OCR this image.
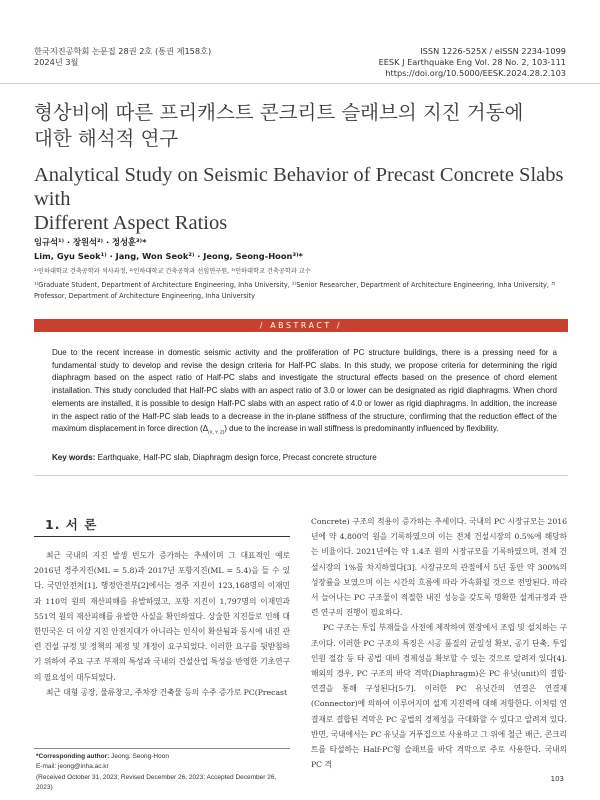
한국지진공학회 논문집 28권 2호 (통권 제158호)
2024년 3월
ISSN 1226-525X / eISSN 2234-1099
EESK J Earthquake Eng Vol. 28 No. 2, 103-111
https://doi.org/10.5000/EESK.2024.28.2.103
형상비에 따른 프리캐스트 콘크리트 슬래브의 지진 거동에
대한 해석적 연구
Analytical Study on Seismic Behavior of Precast Concrete Slabs with
Different Aspect Ratios
임규석¹⁾ · 장원석²⁾ · 정성훈³⁾*
Lim, Gyu Seok¹⁾ · Jang, Won Seok²⁾ · Jeong, Seong-Hoon³⁾*
¹⁾인하대학교 건축공학과 석사과정, ²⁾인하대학교 건축공학과 선임연구원, ³⁾인하대학교 건축공학과 교수
¹⁾Graduate Student, Department of Architecture Engineering, Inha University, ²⁾Senior Researcher, Department of Architecture Engineering, Inha University, ³⁾Professor, Department of Architecture Engineering, Inha University
/ ABSTRACT /
Due to the recent increase in domestic seismic activity and the proliferation of PC structure buildings, there is a pressing need for a fundamental study to develop and revise the design criteria for Half-PC slabs. In this study, we propose criteria for determining the rigid diaphragm based on the aspect ratio of Half-PC slabs and investigate the structural effects based on the presence of chord element installation. This study concluded that Half-PC slabs with an aspect ratio of 3.0 or lower can be designated as rigid diaphragms. When chord elements are installed, it is possible to design Half-PC slabs with an aspect ratio of 4.0 or lower as rigid diaphragms. In addition, the increase in the aspect ratio of the Half-PC slab leads to a decrease in the in-plane stiffness of the structure, confirming that the reduction effect of the maximum displacement in force direction $(\Delta_{(X, Y, Z)})$ due to the increase in wall stiffness is predominantly influenced by flexibility.
Key words: Earthquake, Half-PC slab, Diaphragm design force, Precast concrete structure
1. 서 론

최근 국내의 지진 발생 빈도가 증가하는 추세이며 그 대표적인 예로 2016년 경주지진(ML = 5.8)과 2017년 포항지진(ML = 5.4)을 들 수 있다. 국민안전처[1], 행정안전부[2]에서는 경주 지진이 123,168명의 이재민과 110억 원의 재산피해를 유발하였고, 포항 지진이 1,797명의 이재민과 551억 원의 재산피해를 유발한 사실을 확인하였다. 상술한 지진들로 인해 대한민국은 더 이상 지진 안전지대가 아니라는 인식이 확산됨과 동시에 내진 관련 건설 규정 및 정책의 제정 및 개정이 요구되었다. 이러한 요구를 뒷받침하기 위하여 주요 구조 부재의 특성과 국내의 건설산업 특성을 반영한 기초연구의 필요성이 대두되었다.

최근 대형 공장, 물류창고, 주차장 건축물 등의 수주 증가로 PC(Precast

Concrete) 구조의 적용이 증가하는 추세이다. 국내의 PC 시장규모는 2016년에 약 4,800억 원을 기록하였으며 이는 전체 건설시장의 0.5%에 해당하는 비율이다. 2021년에는 약 1.4조 원의 시장규모를 기록하였으며, 전체 건설시장의 1%를 차지하였다[3]. 시장규모의 관점에서 5년 동안 약 300%의 성장률을 보였으며 이는 시간의 흐름에 따라 가속화될 것으로 전망된다. 따라서 늘어나는 PC 구조물이 적절한 내진 성능을 갖도록 명확한 설계규정과 관련 연구의 진행이 필요하다.

PC 구조는 투입 부재들을 사전에 제작하여 현장에서 조립 및 설치하는 구조이다. 이러한 PC 구조의 특징은 시공 품질의 균일성 확보, 공기 단축, 투입 인원 절감 등 타 공법 대비 경제성을 확보할 수 있는 것으로 알려져 있다[4]. 해외의 경우, PC 구조의 바닥 격막(Diaphragm)은 PC 유닛(unit)의 결합·연결을 통해 구성된다[5-7]. 이러한 PC 유닛간의 연결은 연결재(Connector)에 의하여 이루어지며 설계 지진력에 대해 저항한다. 이처럼 연결재로 결합된 격막은 PC 공법의 경제성을 극대화할 수 있다고 알려져 있다. 반면, 국내에서는 PC 유닛을 거푸집으로 사용하고 그 위에 철근 배근, 콘크리트를 타설하는 Half-PC형 슬래브를 바닥 격막으로 주로 사용한다. 국내의 PC 격

*Corresponding author: Jeong, Seong-Hoon
E-mail: jeong@inha.ac.kr
(Received October 31, 2023; Revised December 26, 2023; Accepted December 26, 2023)
103
